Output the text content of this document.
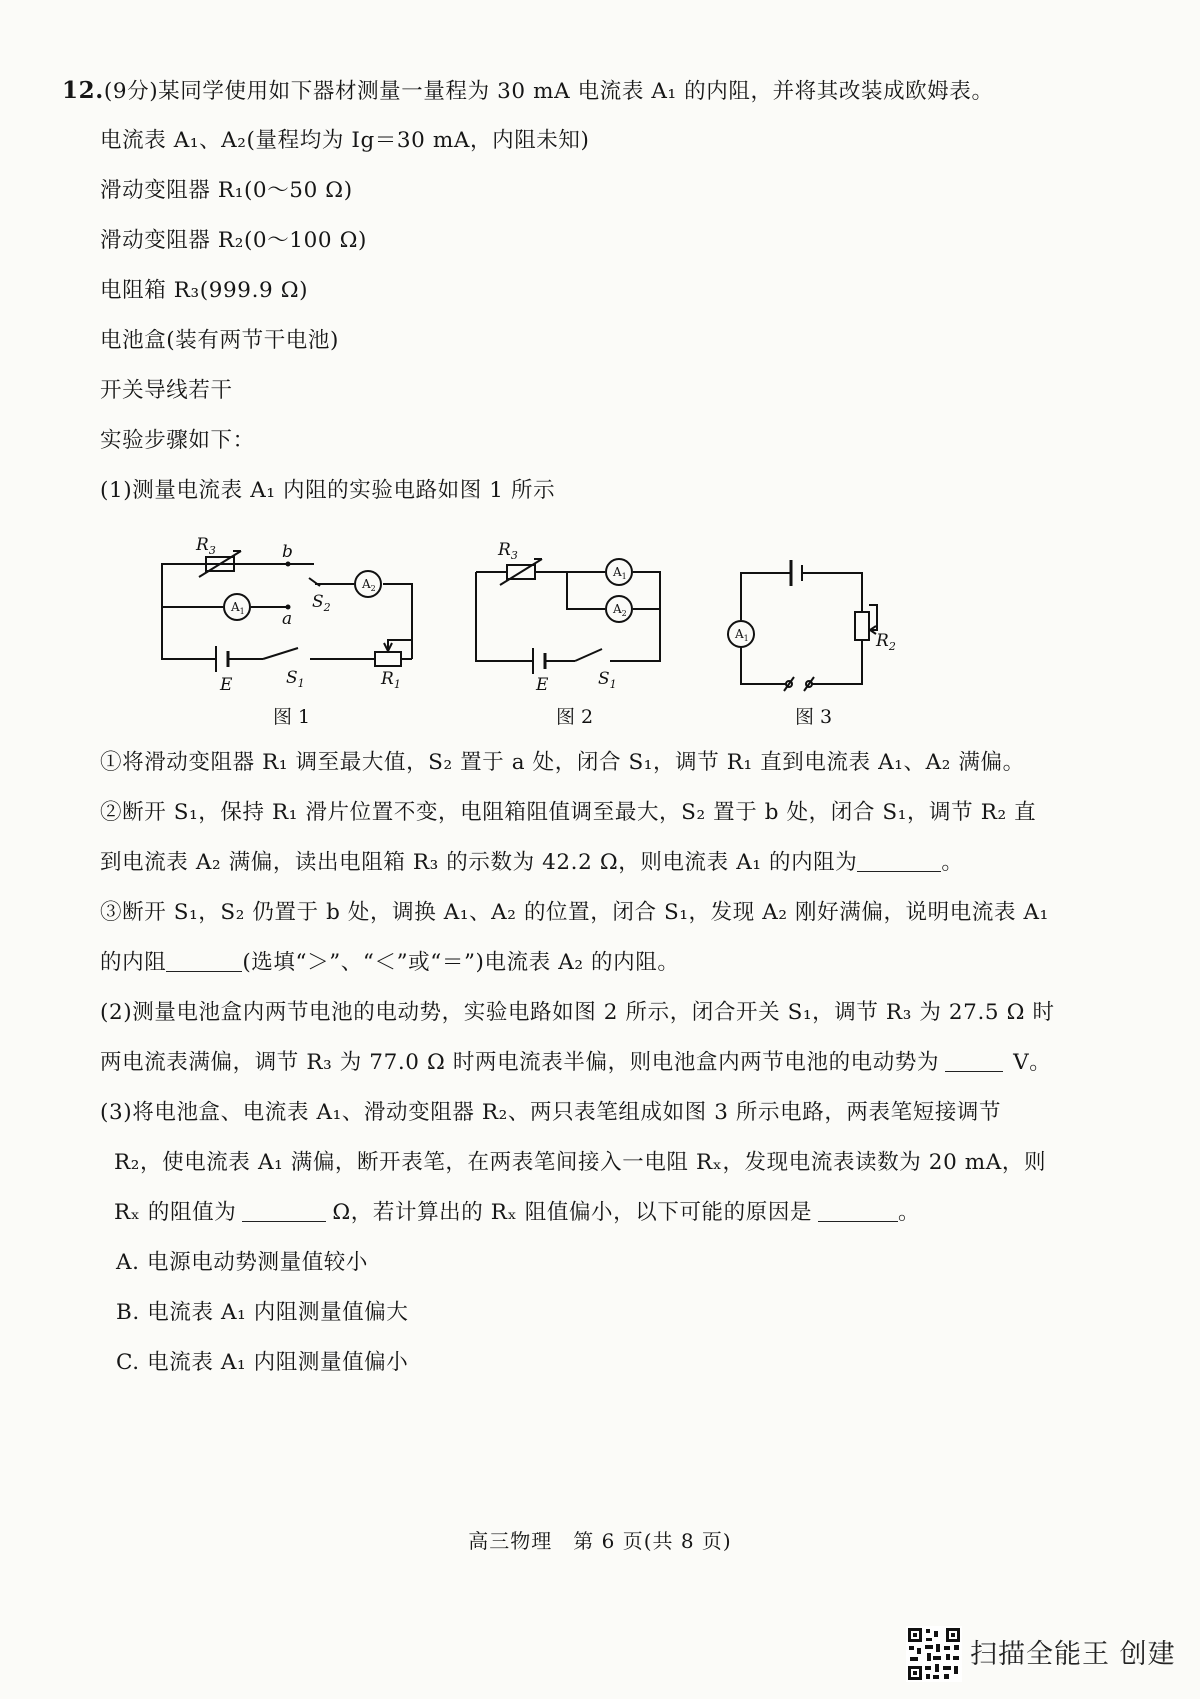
12.(9分)某同学使用如下器材测量一量程为 30 mA 电流表 A₁ 的内阻，并将其改装成欧姆表。
电流表 A₁、A₂(量程均为 Ig＝30 mA，内阻未知)
滑动变阻器 R₁(0～50 Ω)
滑动变阻器 R₂(0～100 Ω)
电阻箱 R₃(999.9 Ω)
电池盒(装有两节干电池)
开关导线若干
实验步骤如下：
(1)测量电流表 A₁ 内阻的实验电路如图 1 所示
$R_3$	b
a
$S_2$
$A_1$
$A_2$
E	$S_1$	$R_1$
图 1
$R_3$
$A_1$
$A_2$
E	$S_1$
图 2
$A_1$	$R_2$
图 3
①将滑动变阻器 R₁ 调至最大值，S₂ 置于 a 处，闭合 S₁，调节 R₁ 直到电流表 A₁、A₂ 满偏。
②断开 S₁，保持 R₁ 滑片位置不变，电阻箱阻值调至最大，S₂ 置于 b 处，闭合 S₁，调节 R₂ 直
到电流表 A₂ 满偏，读出电阻箱 R₃ 的示数为 42.2 Ω，则电流表 A₁ 的内阻为	。
③断开 S₁，S₂ 仍置于 b 处，调换 A₁、A₂ 的位置，闭合 S₁，发现 A₂ 刚好满偏，说明电流表 A₁
的内阻	(选填“＞”、“＜”或“＝”)电流表 A₂ 的内阻。
(2)测量电池盒内两节电池的电动势，实验电路如图 2 所示，闭合开关 S₁，调节 R₃ 为 27.5 Ω 时
两电流表满偏，调节 R₃ 为 77.0 Ω 时两电流表半偏，则电池盒内两节电池的电动势为	V。
(3)将电池盒、电流表 A₁、滑动变阻器 R₂、两只表笔组成如图 3 所示电路，两表笔短接调节
R₂，使电流表 A₁ 满偏，断开表笔，在两表笔间接入一电阻 Rₓ，发现电流表读数为 20 mA，则
Rₓ 的阻值为	Ω，若计算出的 Rₓ 阻值偏小，以下可能的原因是	。
A. 电源电动势测量值较小
B. 电流表 A₁ 内阻测量值偏大
C. 电流表 A₁ 内阻测量值偏小
高三物理　第 6 页(共 8 页)
扫描全能王 创建
